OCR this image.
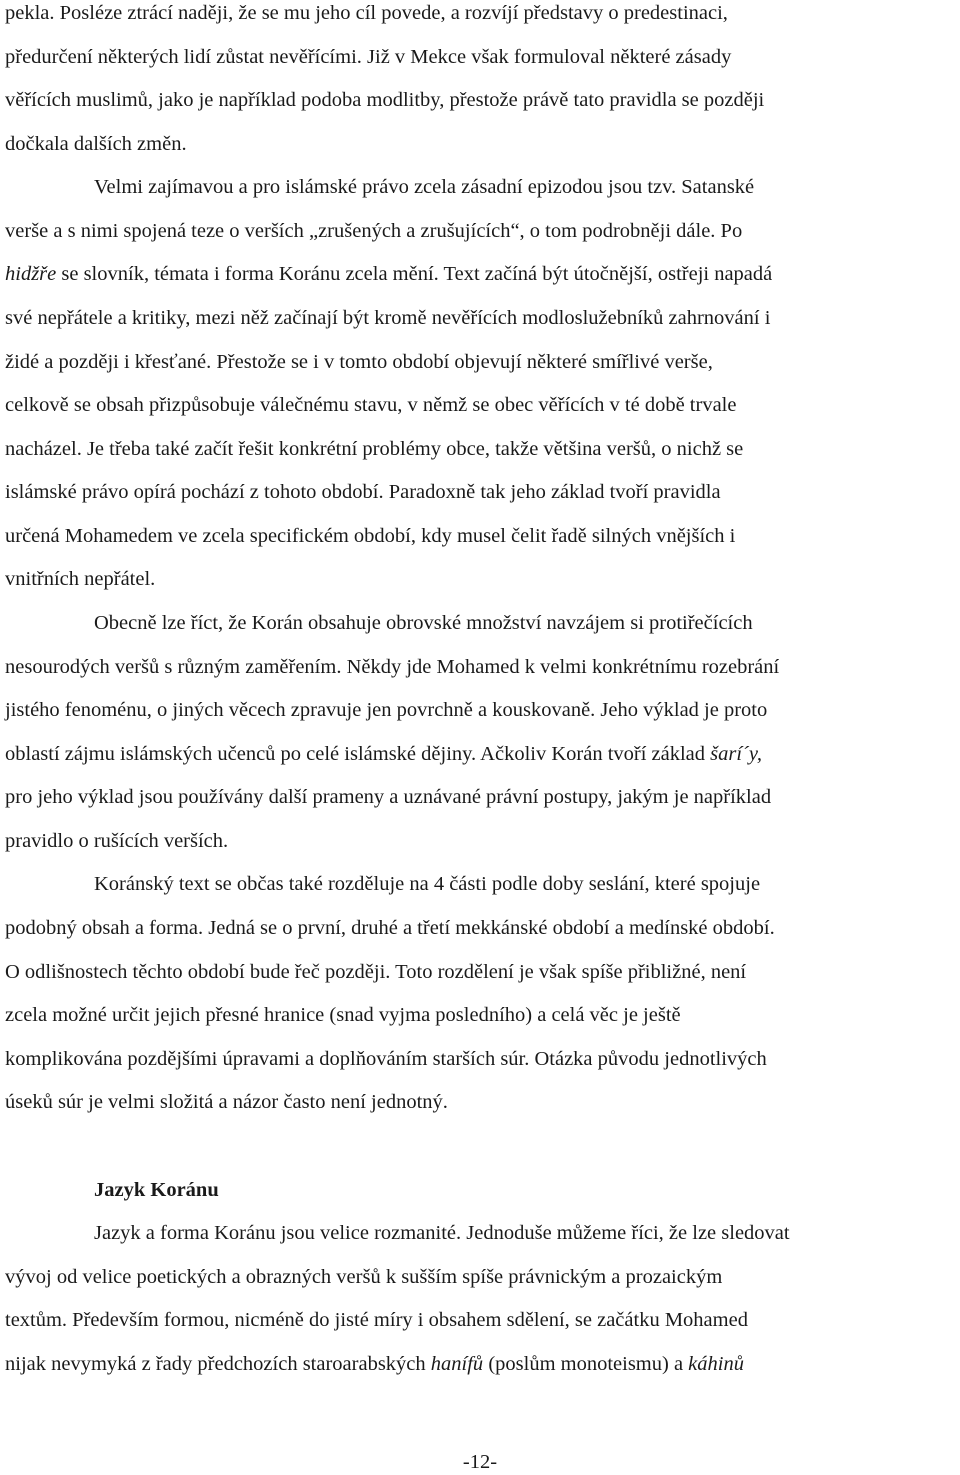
pekla. Posléze ztrácí naději, že se mu jeho cíl povede, a rozvíjí představy o predestinaci,
předurčení některých lidí zůstat nevěřícími. Již v Mekce však formuloval některé zásady
věřících muslimů, jako je například podoba modlitby, přestože právě tato pravidla se později
dočkala dalších změn.
Velmi zajímavou a pro islámské právo zcela zásadní epizodou jsou tzv. Satanské
verše a s nimi spojená teze o verších „zrušených a zrušujících“, o tom podrobněji dále. Po
hidžře se slovník, témata i forma Koránu zcela mění. Text začíná být útočnější, ostřeji napadá
své nepřátele a kritiky, mezi něž začínají být kromě nevěřících modloslužebníků zahrnování i
židé a později i křesťané. Přestože se i v tomto období objevují některé smířlivé verše,
celkově se obsah přizpůsobuje válečnému stavu, v němž se obec věřících v té době trvale
nacházel. Je třeba také začít řešit konkrétní problémy obce, takže většina veršů, o nichž se
islámské právo opírá pochází z tohoto období. Paradoxně tak jeho základ tvoří pravidla
určená Mohamedem ve zcela specifickém období, kdy musel čelit řadě silných vnějších i
vnitřních nepřátel.
Obecně lze říct, že Korán obsahuje obrovské množství navzájem si protiřečících
nesourodých veršů s různým zaměřením. Někdy jde Mohamed k velmi konkrétnímu rozebrání
jistého fenoménu, o jiných věcech zpravuje jen povrchně a kouskovaně. Jeho výklad je proto
oblastí zájmu islámských učenců po celé islámské dějiny. Ačkoliv Korán tvoří základ šarí´y,
pro jeho výklad jsou používány další prameny a uznávané právní postupy, jakým je například
pravidlo o rušících verších.
Koránský text se občas také rozděluje na 4 části podle doby seslání, které spojuje
podobný obsah a forma. Jedná se o první, druhé a třetí mekkánské období a medínské období.
O odlišnostech těchto období bude řeč později. Toto rozdělení je však spíše přibližné, není
zcela možné určit jejich přesné hranice (snad vyjma posledního) a celá věc je ještě
komplikována pozdějšími úpravami a doplňováním starších súr. Otázka původu jednotlivých
úseků súr je velmi složitá a názor často není jednotný.
Jazyk Koránu
Jazyk a forma Koránu jsou velice rozmanité. Jednoduše můžeme říci, že lze sledovat
vývoj od velice poetických a obrazných veršů k sušším spíše právnickým a prozaickým
textům. Především formou, nicméně do jisté míry i obsahem sdělení, se začátku Mohamed
nijak nevymyká z řady předchozích staroarabských hanífů (poslům monoteismu) a káhinů
-12-
